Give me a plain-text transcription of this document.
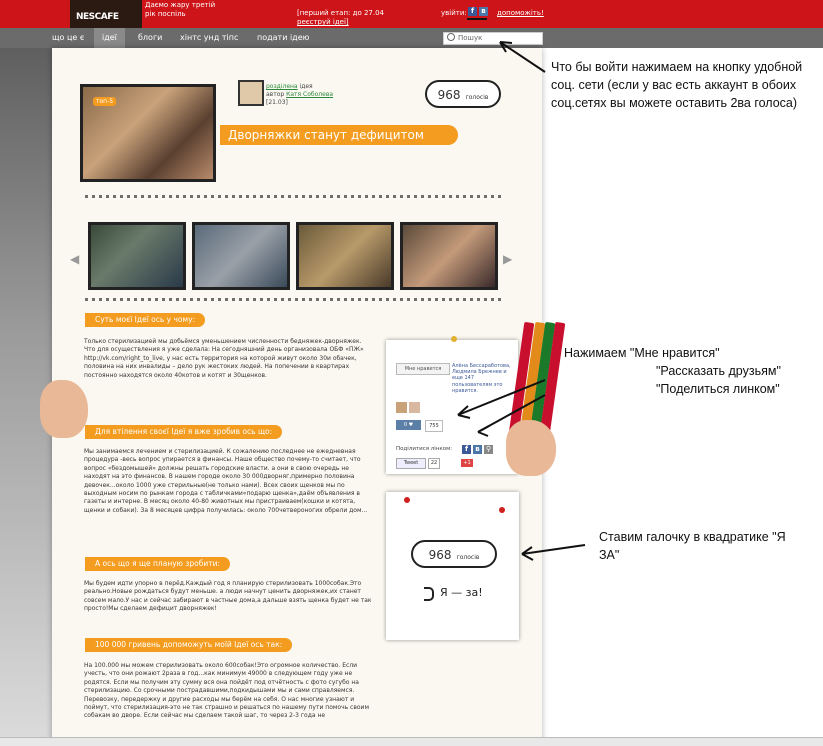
NESCAFE
Даємо жару третій рік поспіль	[перший етап: до 27.04 реєструй ідеї]
увійти: f	в	допоможіть!
що це є	ідеї	блоги хінтс унд тіпс подати ідею	Пошук
топ-5
розділена ідея
автор Катя Соболева
[21.03]
968 голосів
Дворняжки станут дефицитом
◀	▶
Суть моєї Ідеї ось у чому:
Только стерилизацией мы добьёмся уменьшением численности бедняжек-дворняжек. Что для осуществления я уже сделала: На сегодняшний день организовала ОБФ «ПЖ» http://vk.com/right_to_live, у нас есть территория на которой живут около 30и обачек, половина на них инвалиды – дело рук жестоких людей. На попечении в квартирах постоянно находятся около 40котов и котят и 30щенков.
Для втілення своєї Ідеї я вже зробив ось що:
Мы занимаемся лечением и стерилизацией. К сожалению последнее не ежедневная процедура -весь вопрос упирается в финансы. Наше общество почему-то считает, что вопрос «бездомышей» должны решать городские власти. а они в свою очередь не находят на это финансов. В нашем городе около 30 000дворняг,примерно половина девочек...около 1000 уже стерильные(не только нами). Всех своих щенков мы по выходным носим по рынкам города с табличками«подарю щенка»,даём объявления в газеты и интерне. В месяц около 40-80 животных мы пристраиваем(кошки и котята, щенки и собаки). За 8 месяцев цифра получилась: около 700четвероногих обрели дом...
А ось що я ще планую зробити:
Мы будем идти упорно в перёд.Каждый год я планирую стерилизовать 1000собак.Это реально.Новые рождаться будут меньше. а люди начнут ценить дворняжек,их станет совсем мало.У нас и сейчас забирают в частные дома,а дальше взять щенка будет не так просто!Мы сделаем дефицит дворняжек!
100 000 гривень допоможуть моїй Ідеї ось так:
На 100.000 мы можем стерилизовать около 600собак!Это огромное количество. Если учесть, что они рожают 2раза в год...как минимум 49000 в следующем году уже не родятся. Если мы получим эту сумму вся она пойдёт под отчётность с фото сугубо на стерилизацию. Со срочными пострадавшими,подкидышами мы и сами справляемся. Перевозку, передержку и другие расходы мы берём на себя. О нас многие узнают и поймут, что стерилизация-это не так страшно и решаться по нашему пути помочь своим собакам во дворе. Если сейчас мы сделаем такой шаг, то через 2-3 года не
Мне нравится	Алёна Бессаработова, Людмила Брежнев и еще 147 пользователям это нравится.
0 ♥	755
Поділитися лінком:	f	в ⚲
Tweet	22	+1
968 голосів
Я — за!
Что бы войти нажимаем на кнопку удобной соц. сети (если у вас есть аккаунт в обоих соц.сетях вы можете оставить 2ва голоса)
Нажимаем "Мне нравится"
"Рассказать друзьям"
"Поделиться линком"
Ставим галочку в квадратике "Я ЗА"
